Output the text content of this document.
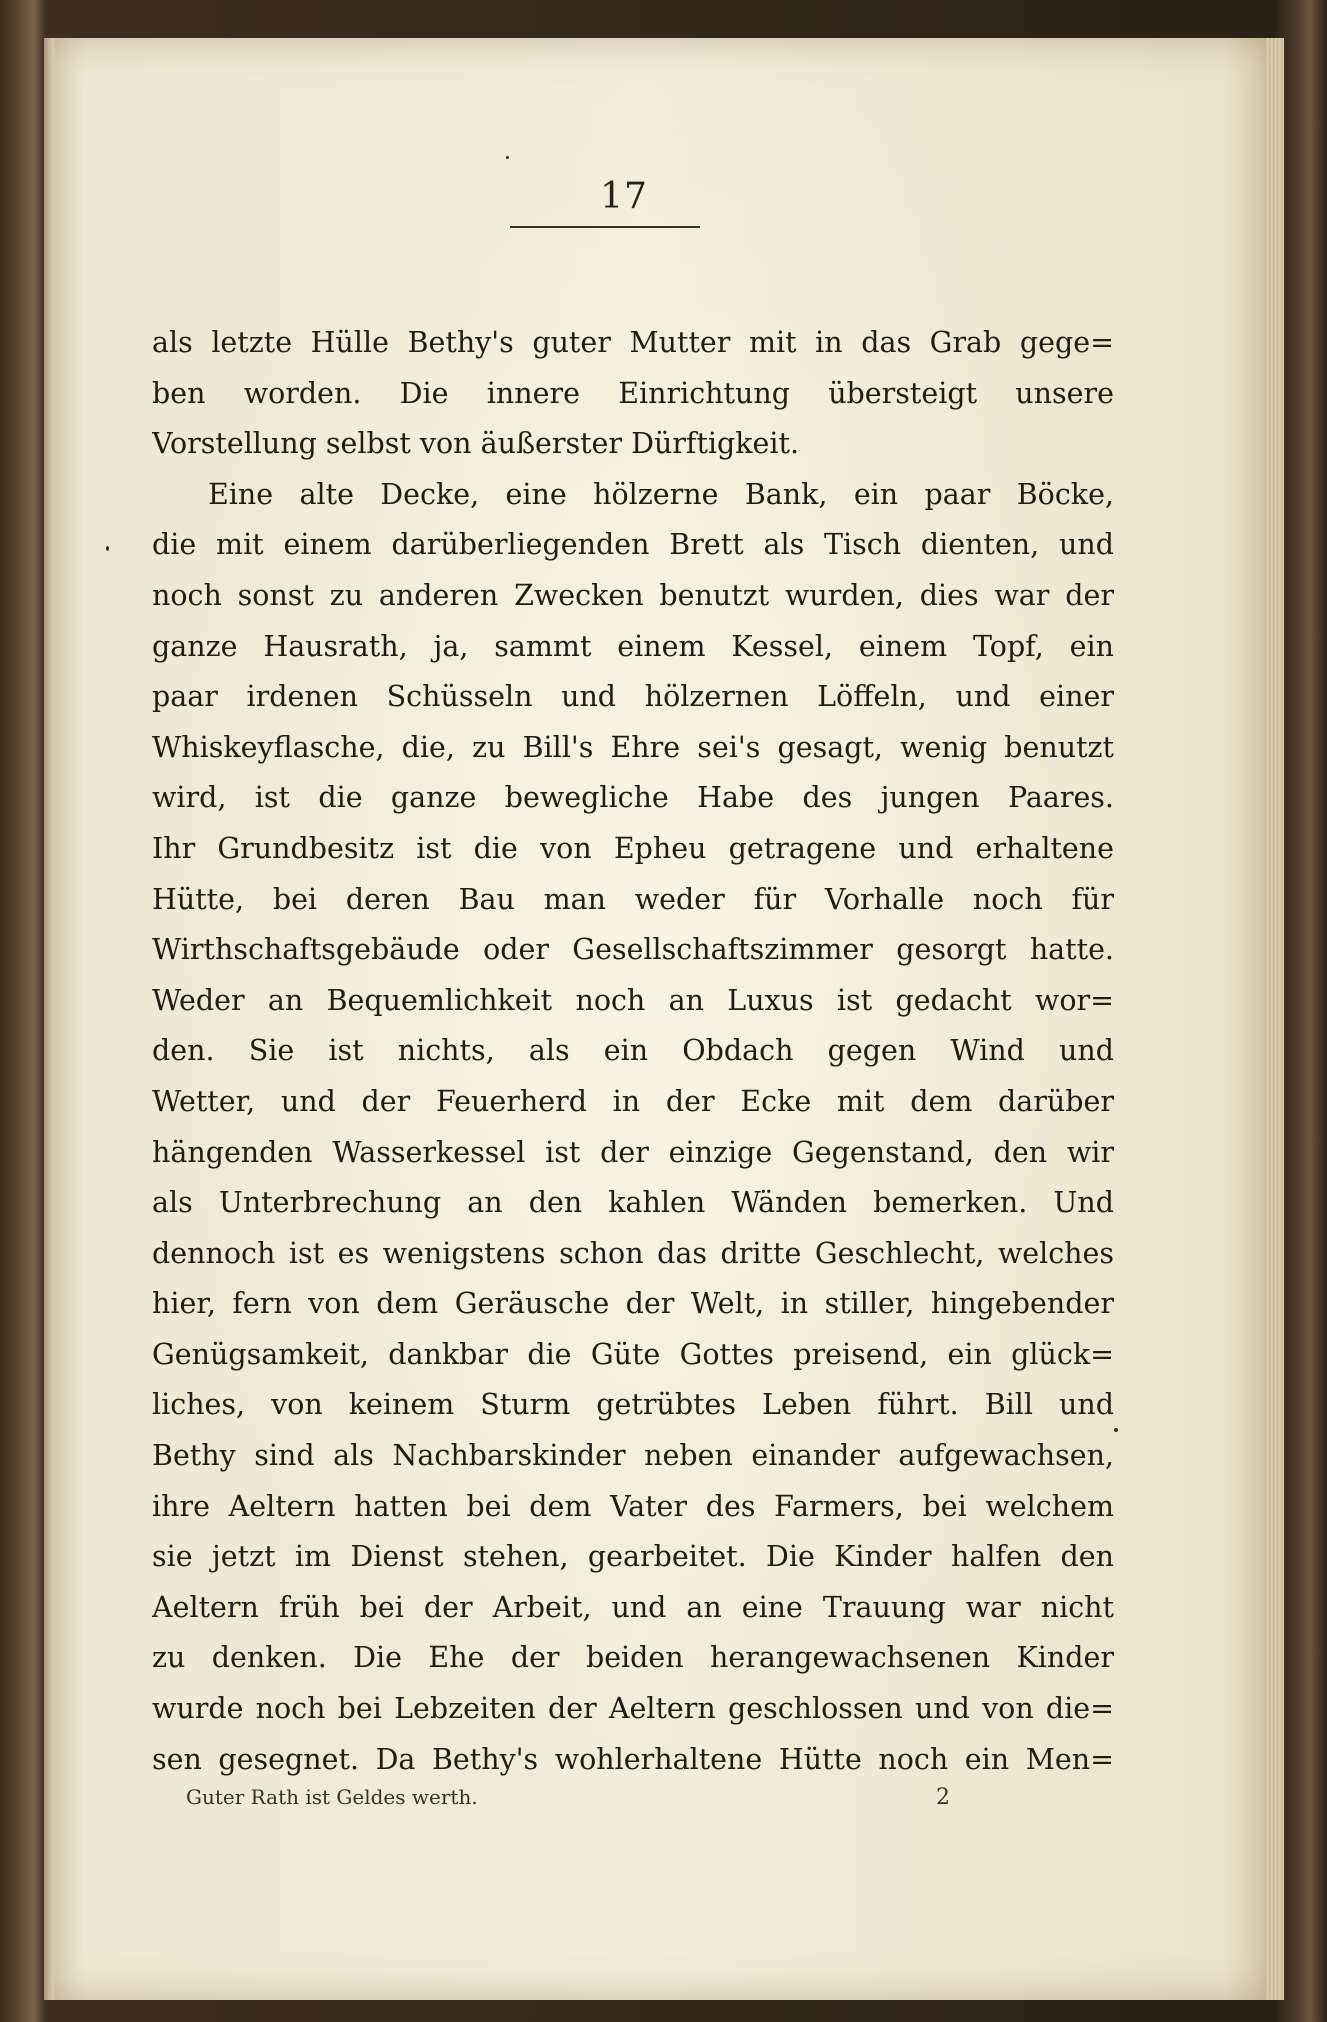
17
als letzte Hülle Bethy's guter Mutter mit in das Grab gege=
ben worden. Die innere Einrichtung übersteigt unsere
Vorstellung selbst von äußerster Dürftigkeit.
Eine alte Decke, eine hölzerne Bank, ein paar Böcke,
die mit einem darüberliegenden Brett als Tisch dienten, und
noch sonst zu anderen Zwecken benutzt wurden, dies war der
ganze Hausrath, ja, sammt einem Kessel, einem Topf, ein
paar irdenen Schüsseln und hölzernen Löffeln, und einer
Whiskeyflasche, die, zu Bill's Ehre sei's gesagt, wenig benutzt
wird, ist die ganze bewegliche Habe des jungen Paares.
Ihr Grundbesitz ist die von Epheu getragene und erhaltene
Hütte, bei deren Bau man weder für Vorhalle noch für
Wirthschaftsgebäude oder Gesellschaftszimmer gesorgt hatte.
Weder an Bequemlichkeit noch an Luxus ist gedacht wor=
den. Sie ist nichts, als ein Obdach gegen Wind und
Wetter, und der Feuerherd in der Ecke mit dem darüber
hängenden Wasserkessel ist der einzige Gegenstand, den wir
als Unterbrechung an den kahlen Wänden bemerken. Und
dennoch ist es wenigstens schon das dritte Geschlecht, welches
hier, fern von dem Geräusche der Welt, in stiller, hingebender
Genügsamkeit, dankbar die Güte Gottes preisend, ein glück=
liches, von keinem Sturm getrübtes Leben führt. Bill und
Bethy sind als Nachbarskinder neben einander aufgewachsen,
ihre Aeltern hatten bei dem Vater des Farmers, bei welchem
sie jetzt im Dienst stehen, gearbeitet. Die Kinder halfen den
Aeltern früh bei der Arbeit, und an eine Trauung war nicht
zu denken. Die Ehe der beiden herangewachsenen Kinder
wurde noch bei Lebzeiten der Aeltern geschlossen und von die=
sen gesegnet. Da Bethy's wohlerhaltene Hütte noch ein Men=
Guter Rath ist Geldes werth.	2
